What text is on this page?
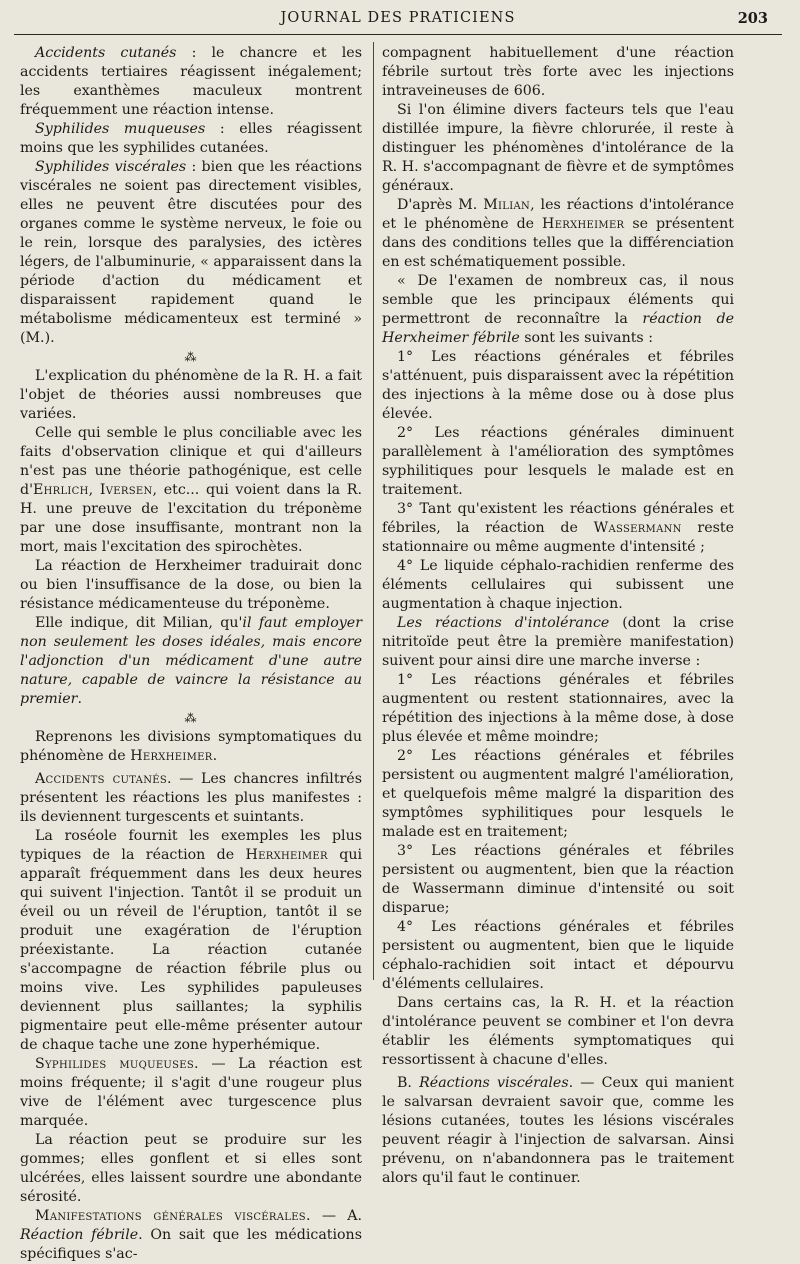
JOURNAL DES PRATICIENS	203

Accidents cutanés : le chancre et les accidents tertiaires réagissent inégalement; les exanthèmes maculeux montrent fréquemment une réaction intense.

Syphilides muqueuses : elles réagissent moins que les syphilides cutanées.

Syphilides viscérales : bien que les réactions viscérales ne soient pas directement visibles, elles ne peuvent être discutées pour des organes comme le système nerveux, le foie ou le rein, lorsque des paralysies, des ictères légers, de l'albuminurie, « apparaissent dans la période d'action du médicament et disparaissent rapidement quand le métabolisme médicamenteux est terminé » (M.).

⁂

L'explication du phénomène de la R. H. a fait l'objet de théories aussi nombreuses que variées.

Celle qui semble le plus conciliable avec les faits d'observation clinique et qui d'ailleurs n'est pas une théorie pathogénique, est celle d'Ehrlich, Iversen, etc... qui voient dans la R. H. une preuve de l'excitation du tréponème par une dose insuffisante, montrant non la mort, mais l'excitation des spirochètes.

La réaction de Herxheimer traduirait donc ou bien l'insuffisance de la dose, ou bien la résistance médicamenteuse du tréponème.

Elle indique, dit Milian, qu'il faut employer non seulement les doses idéales, mais encore l'adjonction d'un médicament d'une autre nature, capable de vaincre la résistance au premier.

⁂

Reprenons les divisions symptomatiques du phénomène de Herxheimer.

Accidents cutanés. — Les chancres infiltrés présentent les réactions les plus manifestes : ils deviennent turgescents et suintants.

La roséole fournit les exemples les plus typiques de la réaction de Herxheimer qui apparaît fréquemment dans les deux heures qui suivent l'injection. Tantôt il se produit un éveil ou un réveil de l'éruption, tantôt il se produit une exagération de l'éruption préexistante. La réaction cutanée s'accompagne de réaction fébrile plus ou moins vive. Les syphilides papuleuses deviennent plus saillantes; la syphilis pigmentaire peut elle-même présenter autour de chaque tache une zone hyperhémique.

Syphilides muqueuses. — La réaction est moins fréquente; il s'agit d'une rougeur plus vive de l'élément avec turgescence plus marquée.

La réaction peut se produire sur les gommes; elles gonflent et si elles sont ulcérées, elles laissent sourdre une abondante sérosité.

Manifestations générales viscérales. — A. Réaction fébrile. On sait que les médications spécifiques s'ac-

compagnent habituellement d'une réaction fébrile surtout très forte avec les injections intraveineuses de 606.

Si l'on élimine divers facteurs tels que l'eau distillée impure, la fièvre chlorurée, il reste à distinguer les phénomènes d'intolérance de la R. H. s'accompagnant de fièvre et de symptômes généraux.

D'après M. Milian, les réactions d'intolérance et le phénomène de Herxheimer se présentent dans des conditions telles que la différenciation en est schématiquement possible.

« De l'examen de nombreux cas, il nous semble que les principaux éléments qui permettront de reconnaître la réaction de Herxheimer fébrile sont les suivants :

1° Les réactions générales et fébriles s'atténuent, puis disparaissent avec la répétition des injections à la même dose ou à dose plus élevée.

2° Les réactions générales diminuent parallèlement à l'amélioration des symptômes syphilitiques pour lesquels le malade est en traitement.

3° Tant qu'existent les réactions générales et fébriles, la réaction de Wassermann reste stationnaire ou même augmente d'intensité ;

4° Le liquide céphalo-rachidien renferme des éléments cellulaires qui subissent une augmentation à chaque injection.

Les réactions d'intolérance (dont la crise nitritoïde peut être la première manifestation) suivent pour ainsi dire une marche inverse :

1° Les réactions générales et fébriles augmentent ou restent stationnaires, avec la répétition des injections à la même dose, à dose plus élevée et même moindre;

2° Les réactions générales et fébriles persistent ou augmentent malgré l'amélioration, et quelquefois même malgré la disparition des symptômes syphilitiques pour lesquels le malade est en traitement;

3° Les réactions générales et fébriles persistent ou augmentent, bien que la réaction de Wassermann diminue d'intensité ou soit disparue;

4° Les réactions générales et fébriles persistent ou augmentent, bien que le liquide céphalo-rachidien soit intact et dépourvu d'éléments cellulaires.

Dans certains cas, la R. H. et la réaction d'intolérance peuvent se combiner et l'on devra établir les éléments symptomatiques qui ressortissent à chacune d'elles.

B. Réactions viscérales. — Ceux qui manient le salvarsan devraient savoir que, comme les lésions cutanées, toutes les lésions viscérales peuvent réagir à l'injection de salvarsan. Ainsi prévenu, on n'abandonnera pas le traitement alors qu'il faut le continuer.
